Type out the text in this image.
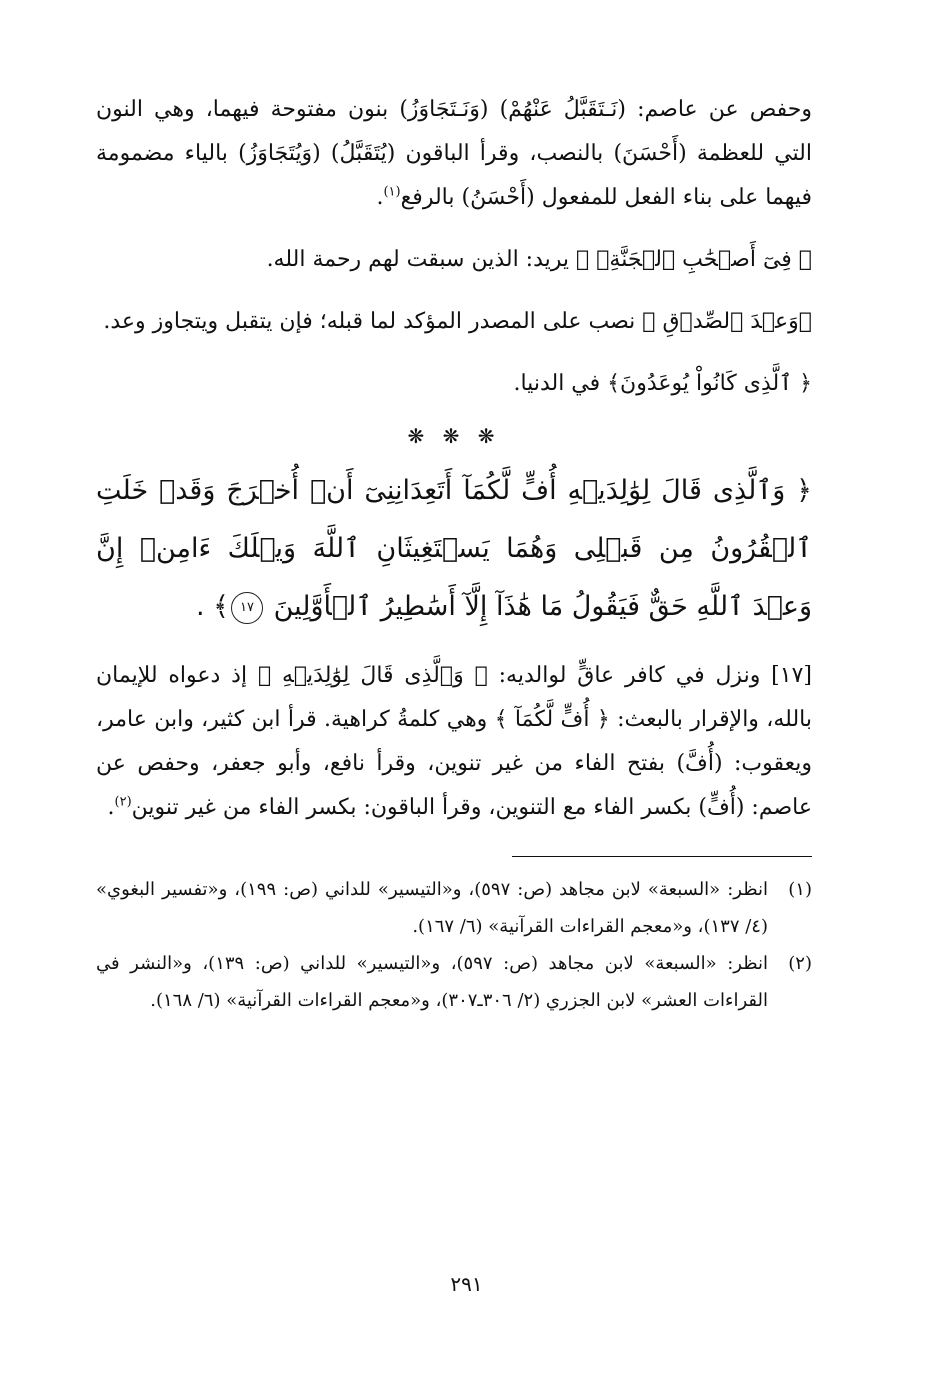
وحفص عن عاصم: (نَـتَقَبَّلُ عَنْهُمْ) (وَنَـتَجَاوَزُ) بنون مفتوحة فيهما، وهي النون التي للعظمة (أَحْسَنَ) بالنصب، وقرأ الباقون (يُتَقَبَّلُ) (وَيُتَجَاوَزُ) بالياء مضمومة فيهما على بناء الفعل للمفعول (أَحْسَنُ) بالرفع$^{(١)}$.

﴿ فِىٓ أَصۡحَٰبِ ٱلۡجَنَّةِۖ ﴾ يريد: الذين سبقت لهم رحمة الله.

﴿وَعۡدَ ٱلصِّدۡقِ ﴾ نصب على المصدر المؤكد لما قبله؛ فإن يتقبل ويتجاوز وعد.

﴿ ٱلَّذِى كَانُواْ يُوعَدُونَ﴾ في الدنيا.

❋ ❋ ❋
﴿ وَٱلَّذِى قَالَ لِوَٰلِدَيۡهِ أُفٍّ لَّكُمَآ أَتَعِدَانِنِىٓ أَنۡ أُخۡرَجَ وَقَدۡ خَلَتِ ٱلۡقُرُونُ مِن قَبۡلِى وَهُمَا يَسۡتَغِيثَانِ ٱللَّهَ وَيۡلَكَ ءَامِنۡ إِنَّ وَعۡدَ ٱللَّهِ حَقٌّ فَيَقُولُ مَا هَٰذَآ إِلَّآ أَسَٰطِيرُ ٱلۡأَوَّلِينَ ١٧﴾ .

[١٧] ونزل في كافر عاقٍّ لوالديه: ﴿ وَٱلَّذِى قَالَ لِوَٰلِدَيۡهِ ﴾ إذ دعواه للإيمان بالله، والإقرار بالبعث: ﴿ أُفٍّ لَّكُمَآ ﴾ وهي كلمةُ كراهية. قرأ ابن كثير، وابن عامر، ويعقوب: (أُفَّ) بفتح الفاء من غير تنوين، وقرأ نافع، وأبو جعفر، وحفص عن عاصم: (أُفٍّ) بكسر الفاء مع التنوين، وقرأ الباقون: بكسر الفاء من غير تنوين$^{(٢)}$.

(١)
انظر: «السبعة» لابن مجاهد (ص: ٥٩٧)، و«التيسير» للداني (ص: ١٩٩)، و«تفسير البغوي» (٤/ ١٣٧)، و«معجم القراءات القرآنية» (٦/ ١٦٧).
(٢)
انظر: «السبعة» لابن مجاهد (ص: ٥٩٧)، و«التيسير» للداني (ص: ١٣٩)، و«النشر في القراءات العشر» لابن الجزري (٢/ ٣٠٦ـ٣٠٧)، و«معجم القراءات القرآنية» (٦/ ١٦٨).
٢٩١
